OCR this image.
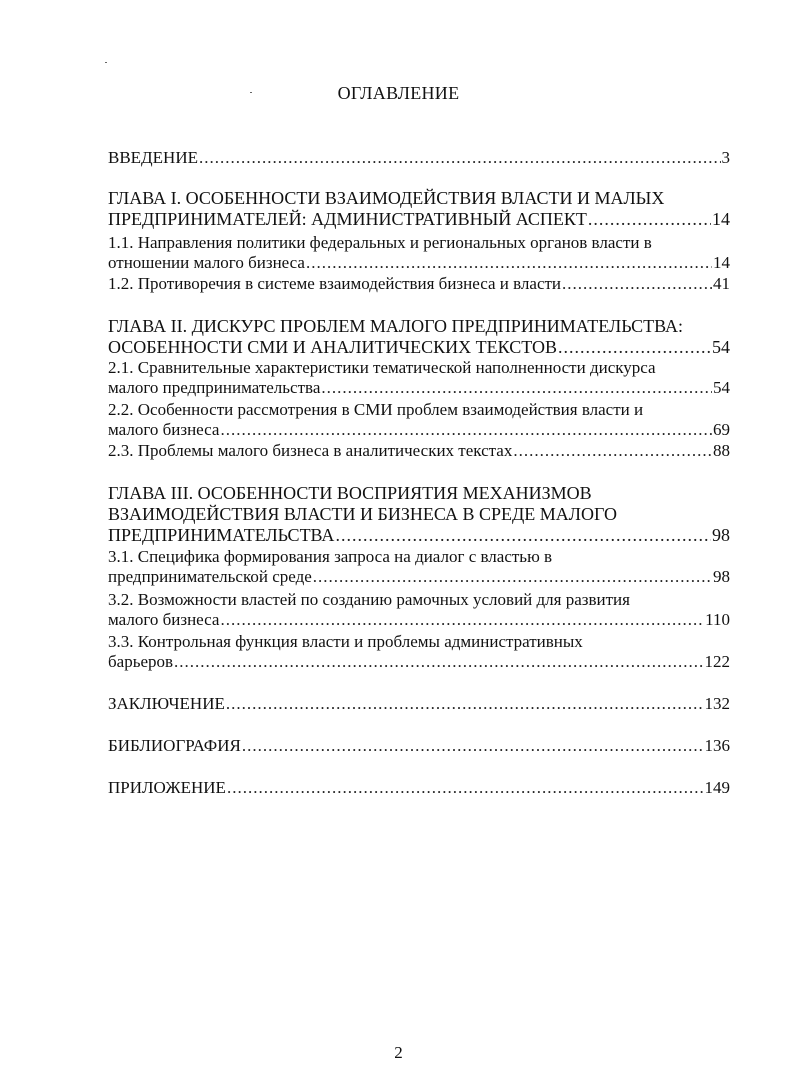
ОГЛАВЛЕНИЕ
ВВЕДЕНИЕ .....	3
ГЛАВА I. ОСОБЕННОСТИ ВЗАИМОДЕЙСТВИЯ ВЛАСТИ И МАЛЫХ
ПРЕДПРИНИМАТЕЛЕЙ: АДМИНИСТРАТИВНЫЙ АСПЕКТ .....	14
1.1. Направления политики федеральных и региональных органов власти в
отношении малого бизнеса .....	14
1.2. Противоречия в системе взаимодействия бизнеса и власти .....	41
ГЛАВА II. ДИСКУРС ПРОБЛЕМ МАЛОГО ПРЕДПРИНИМАТЕЛЬСТВА:
ОСОБЕННОСТИ СМИ И АНАЛИТИЧЕСКИХ ТЕКСТОВ .....	54
2.1. Сравнительные характеристики тематической наполненности дискурса
малого предпринимательства .....	54
2.2. Особенности рассмотрения в СМИ проблем взаимодействия власти и
малого бизнеса .....	69
2.3. Проблемы малого бизнеса в аналитических текстах .....	88
ГЛАВА III. ОСОБЕННОСТИ ВОСПРИЯТИЯ МЕХАНИЗМОВ
ВЗАИМОДЕЙСТВИЯ ВЛАСТИ И БИЗНЕСА В СРЕДЕ МАЛОГО
ПРЕДПРИНИМАТЕЛЬСТВА .....	98
3.1. Специфика формирования запроса на диалог с властью в
предпринимательской среде .....	98
3.2. Возможности властей по созданию рамочных условий для развития
малого бизнеса .....	110
3.3. Контрольная функция власти и проблемы административных
барьеров .....	122
ЗАКЛЮЧЕНИЕ .....	132
БИБЛИОГРАФИЯ .....	136
ПРИЛОЖЕНИЕ .....	149
2
